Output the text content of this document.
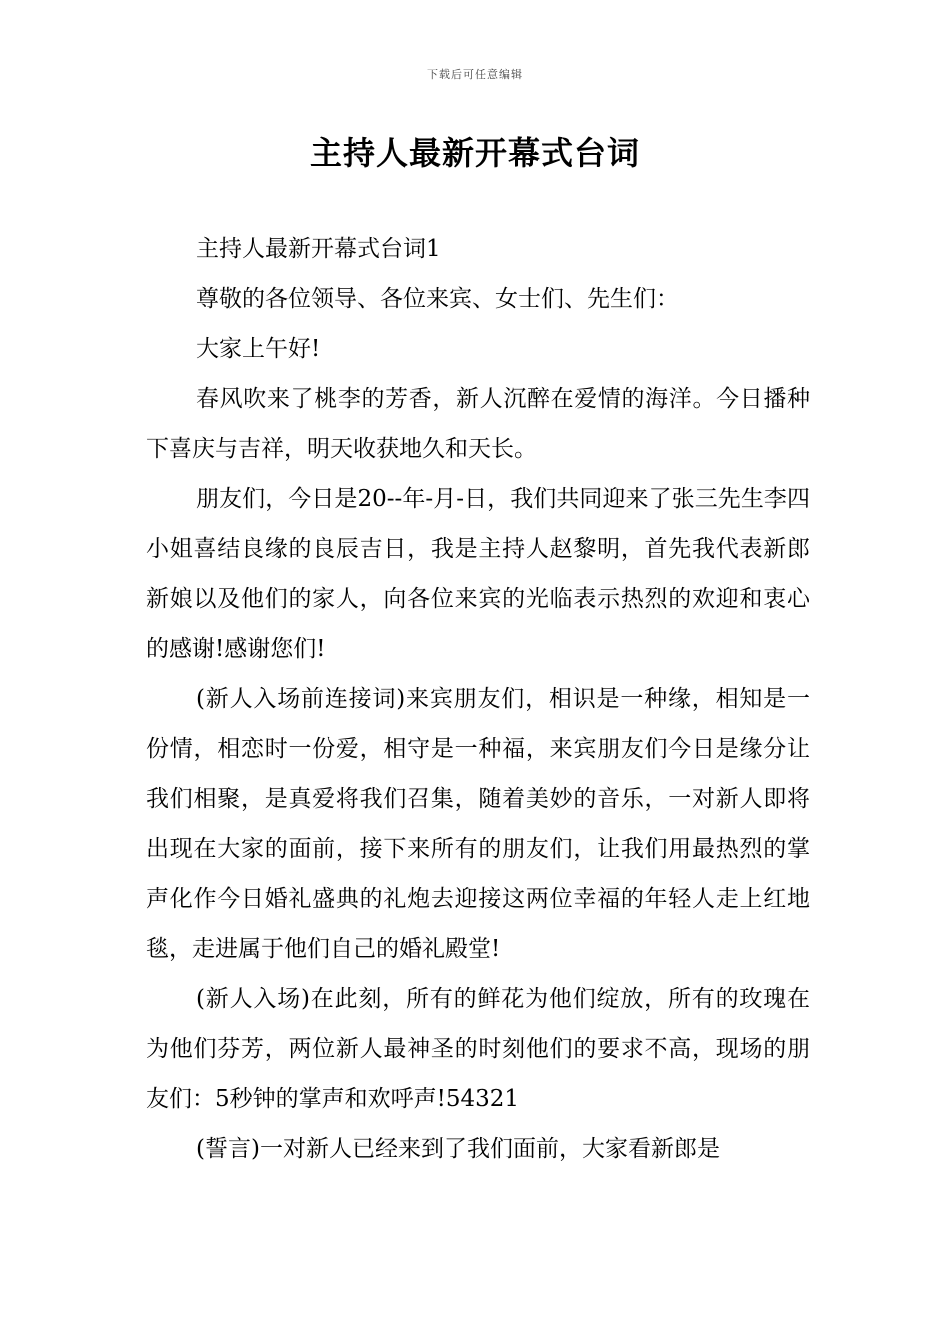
下载后可任意编辑
主持人最新开幕式台词

主持人最新开幕式台词1

尊敬的各位领导、各位来宾、女士们、先生们：

大家上午好!

春风吹来了桃李的芳香，新人沉醉在爱情的海洋。今日播种下喜庆与吉祥，明天收获地久和天长。

朋友们，今日是20--年-月-日，我们共同迎来了张三先生李四小姐喜结良缘的良辰吉日，我是主持人赵黎明，首先我代表新郎新娘以及他们的家人，向各位来宾的光临表示热烈的欢迎和衷心的感谢!感谢您们!

(新人入场前连接词)来宾朋友们，相识是一种缘，相知是一份情，相恋时一份爱，相守是一种福，来宾朋友们今日是缘分让我们相聚，是真爱将我们召集，随着美妙的音乐，一对新人即将出现在大家的面前，接下来所有的朋友们，让我们用最热烈的掌声化作今日婚礼盛典的礼炮去迎接这两位幸福的年轻人走上红地毯，走进属于他们自己的婚礼殿堂!

(新人入场)在此刻，所有的鲜花为他们绽放，所有的玫瑰在为他们芬芳，两位新人最神圣的时刻他们的要求不高，现场的朋友们：5秒钟的掌声和欢呼声!54321

(誓言)一对新人已经来到了我们面前，大家看新郎是
